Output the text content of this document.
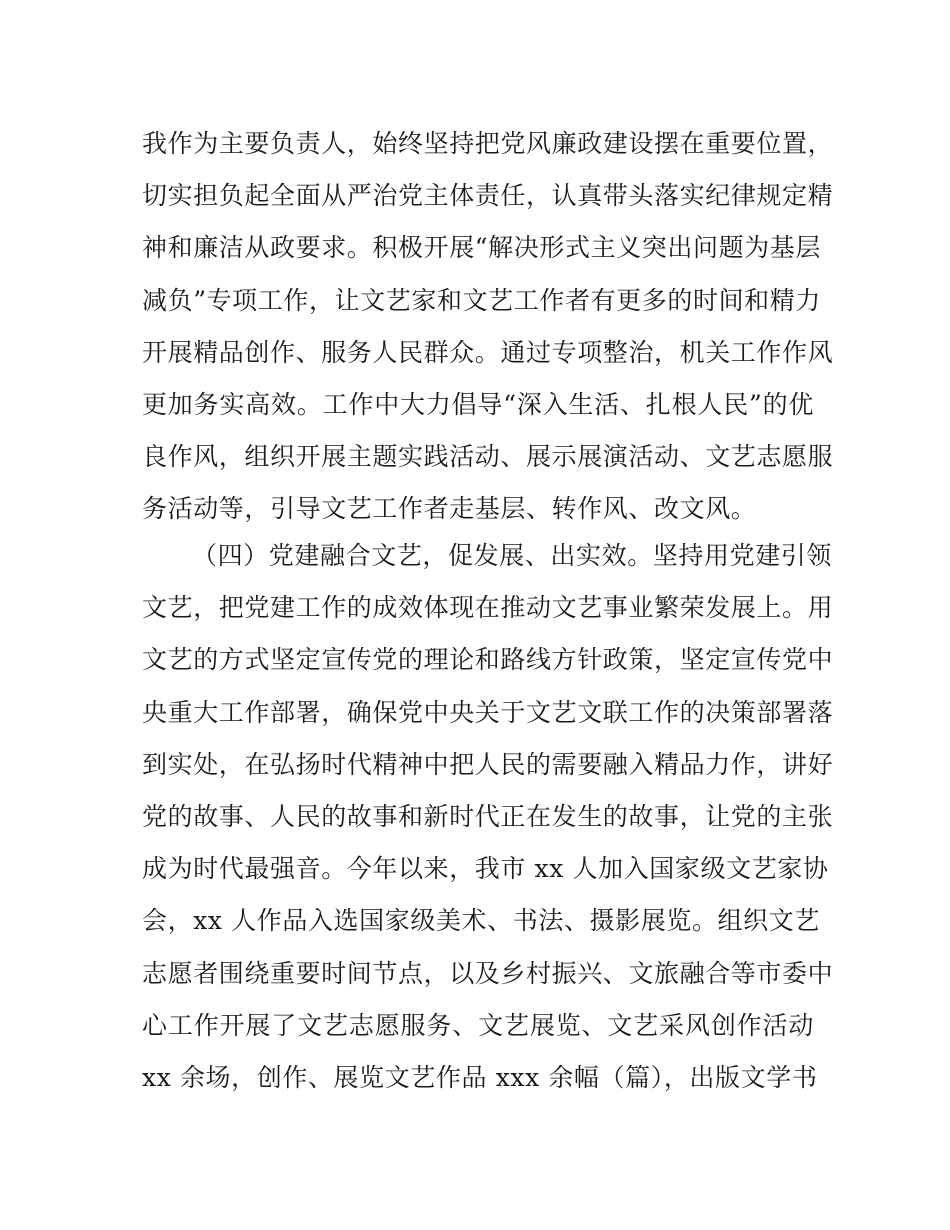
我作为主要负责人，始终坚持把党风廉政建设摆在重要位置，
切实担负起全面从严治党主体责任，认真带头落实纪律规定精
神和廉洁从政要求。积极开展“解决形式主义突出问题为基层
减负”专项工作，让文艺家和文艺工作者有更多的时间和精力
开展精品创作、服务人民群众。通过专项整治，机关工作作风
更加务实高效。工作中大力倡导“深入生活、扎根人民”的优
良作风，组织开展主题实践活动、展示展演活动、文艺志愿服
务活动等，引导文艺工作者走基层、转作风、改文风。
（四）党建融合文艺，促发展、出实效。坚持用党建引领
文艺，把党建工作的成效体现在推动文艺事业繁荣发展上。用
文艺的方式坚定宣传党的理论和路线方针政策，坚定宣传党中
央重大工作部署，确保党中央关于文艺文联工作的决策部署落
到实处，在弘扬时代精神中把人民的需要融入精品力作，讲好
党的故事、人民的故事和新时代正在发生的故事，让党的主张
成为时代最强音。今年以来，我市 xx 人加入国家级文艺家协
会，xx 人作品入选国家级美术、书法、摄影展览。组织文艺
志愿者围绕重要时间节点，以及乡村振兴、文旅融合等市委中
心工作开展了文艺志愿服务、文艺展览、文艺采风创作活动
xx 余场，创作、展览文艺作品 xxx 余幅（篇），出版文学书
